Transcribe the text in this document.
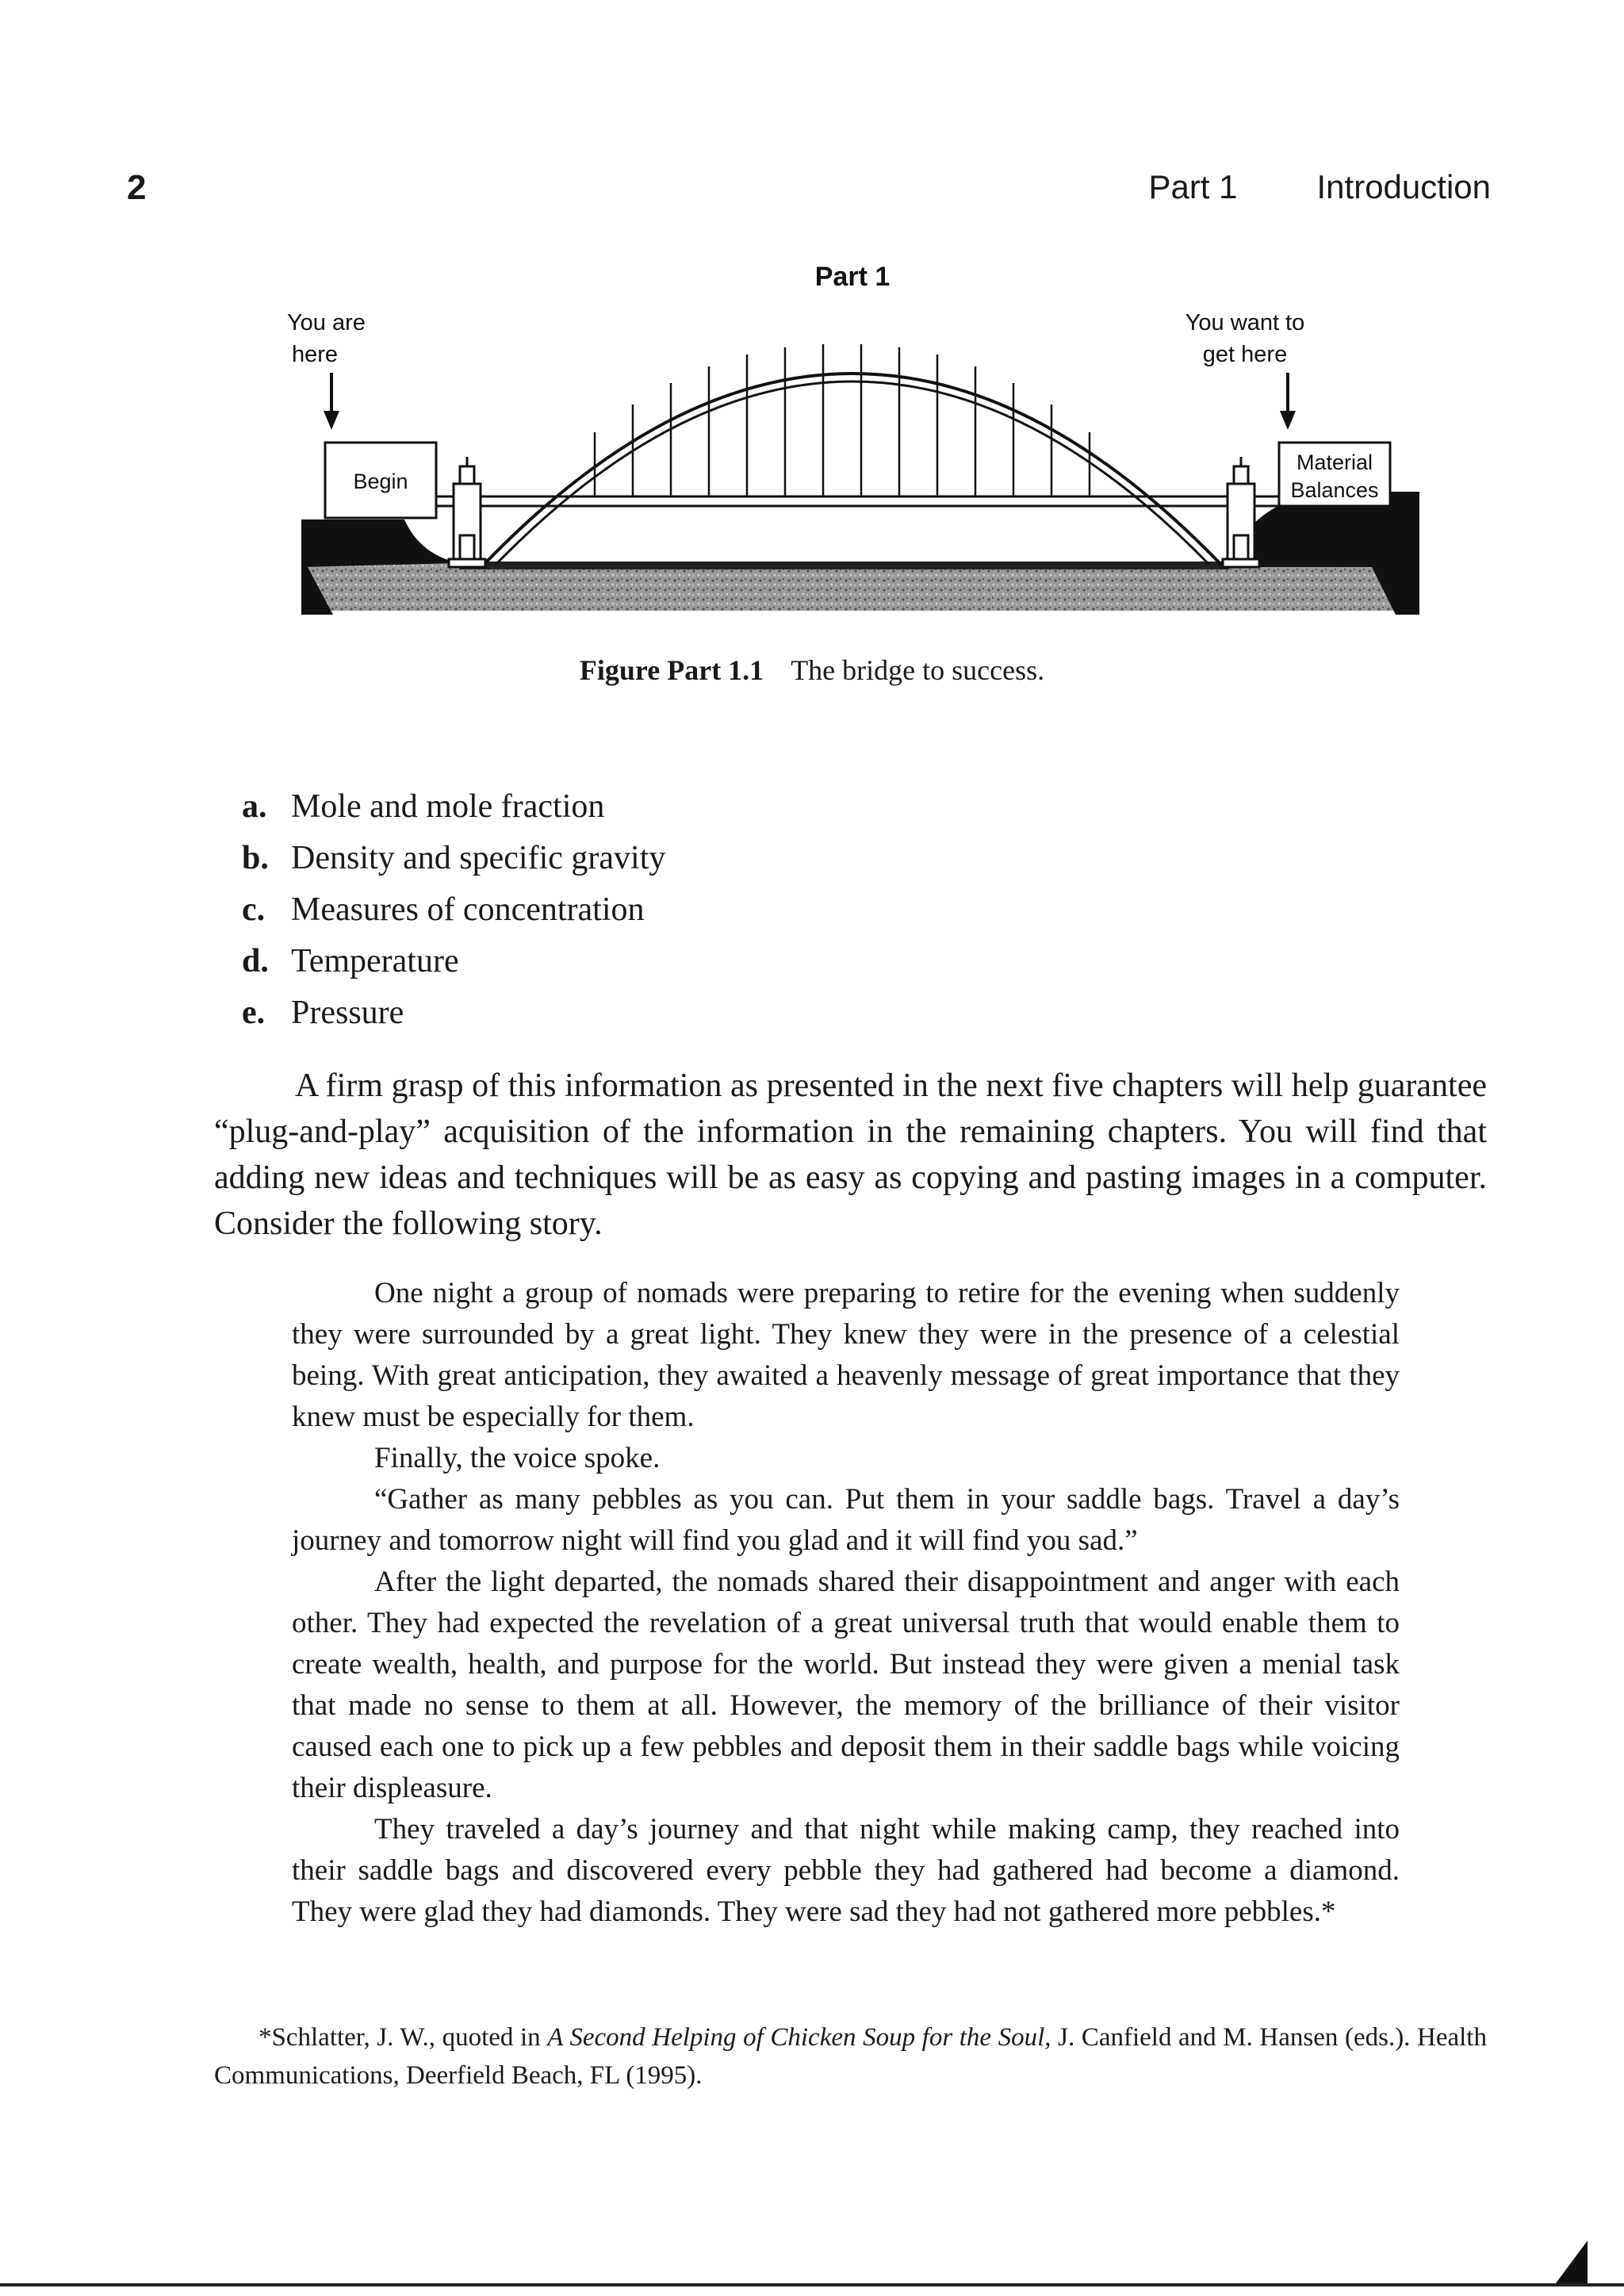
2	Part 1 Introduction
Part 1
You are
here
You want to
get here
Begin
Material
Balances
Figure Part 1.1 The bridge to success.
a. Mole and mole fraction
b. Density and specific gravity
c. Measures of concentration
d. Temperature
e. Pressure

A firm grasp of this information as presented in the next five chapters will help guarantee “plug-and-play” acquisition of the information in the remaining chapters. You will find that adding new ideas and techniques will be as easy as copying and pasting images in a computer. Consider the following story.

One night a group of nomads were preparing to retire for the evening when suddenly they were surrounded by a great light. They knew they were in the presence of a celestial being. With great anticipation, they awaited a heavenly message of great importance that they knew must be especially for them.

Finally, the voice spoke.

“Gather as many pebbles as you can. Put them in your saddle bags. Travel a day’s journey and tomorrow night will find you glad and it will find you sad.”

After the light departed, the nomads shared their disappointment and anger with each other. They had expected the revelation of a great universal truth that would enable them to create wealth, health, and purpose for the world. But instead they were given a menial task that made no sense to them at all. However, the memory of the brilliance of their visitor caused each one to pick up a few pebbles and deposit them in their saddle bags while voicing their displeasure.

They traveled a day’s journey and that night while making camp, they reached into their saddle bags and discovered every pebble they had gathered had become a diamond. They were glad they had diamonds. They were sad they had not gathered more pebbles.*

*Schlatter, J. W., quoted in A Second Helping of Chicken Soup for the Soul, J. Canfield and M. Hansen (eds.). Health Communications, Deerfield Beach, FL (1995).
